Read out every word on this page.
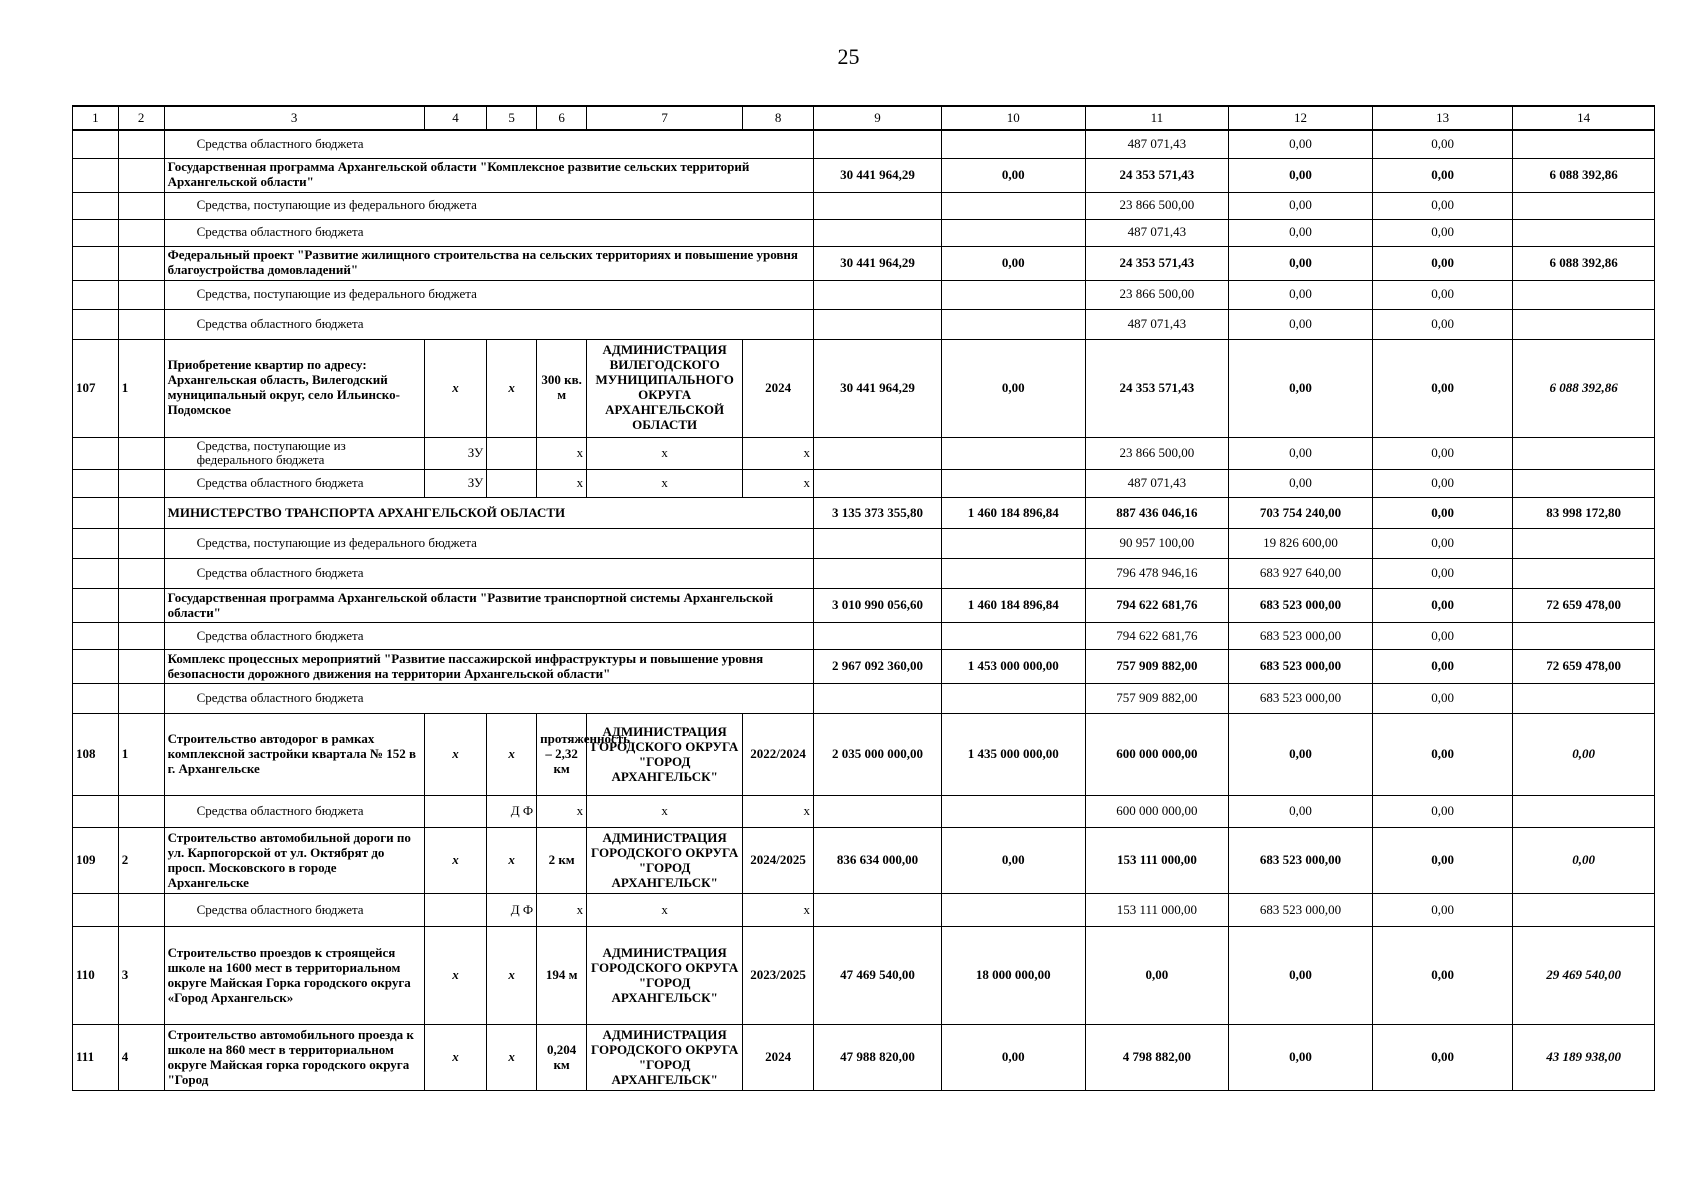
25
1	2	3	4	5	6	7	8	9	10	11	12	13	14
		Средства областного бюджета								487 071,43	0,00	0,00	
		Государственная программа Архангельской области "Комплексное развитие сельских территорий Архангельской области"						30 441 964,29	0,00	24 353 571,43	0,00	0,00	6 088 392,86
		Средства, поступающие из федерального бюджета								23 866 500,00	0,00	0,00	
		Средства областного бюджета								487 071,43	0,00	0,00	
		Федеральный проект "Развитие жилищного строительства на сельских территориях и повышение уровня благоустройства домовладений"						30 441 964,29	0,00	24 353 571,43	0,00	0,00	6 088 392,86
		Средства, поступающие из федерального бюджета								23 866 500,00	0,00	0,00	
		Средства областного бюджета								487 071,43	0,00	0,00	
107	1	Приобретение квартир по адресу: Архангельская область, Вилегодский муниципальный округ, село Ильинско-Подомское	x	x	300 кв. м	АДМИНИСТРАЦИЯ ВИЛЕГОДСКОГО МУНИЦИПАЛЬНОГО ОКРУГА АРХАНГЕЛЬСКОЙ ОБЛАСТИ	2024	30 441 964,29	0,00	24 353 571,43	0,00	0,00	6 088 392,86
		Средства, поступающие из федерального бюджета	ЗУ		x	x	x			23 866 500,00	0,00	0,00	
		Средства областного бюджета	ЗУ		x	x	x			487 071,43	0,00	0,00	
		МИНИСТЕРСТВО ТРАНСПОРТА АРХАНГЕЛЬСКОЙ ОБЛАСТИ						3 135 373 355,80	1 460 184 896,84	887 436 046,16	703 754 240,00	0,00	83 998 172,80
		Средства, поступающие из федерального бюджета								90 957 100,00	19 826 600,00	0,00	
		Средства областного бюджета								796 478 946,16	683 927 640,00	0,00	
		Государственная программа Архангельской области "Развитие транспортной системы Архангельской области"						3 010 990 056,60	1 460 184 896,84	794 622 681,76	683 523 000,00	0,00	72 659 478,00
		Средства областного бюджета								794 622 681,76	683 523 000,00	0,00	
		Комплекс процессных мероприятий "Развитие пассажирской инфраструктуры и повышение уровня безопасности дорожного движения на территории Архангельской области"						2 967 092 360,00	1 453 000 000,00	757 909 882,00	683 523 000,00	0,00	72 659 478,00
		Средства областного бюджета								757 909 882,00	683 523 000,00	0,00	
108	1	Строительство автодорог в рамках комплексной застройки квартала № 152 в г. Архангельске	x	x	протяженность – 2,32 км	АДМИНИСТРАЦИЯ ГОРОДСКОГО ОКРУГА "ГОРОД АРХАНГЕЛЬСК"	2022/2024	2 035 000 000,00	1 435 000 000,00	600 000 000,00	0,00	0,00	0,00
		Средства областного бюджета		Д Ф	x	x	x			600 000 000,00	0,00	0,00	
109	2	Строительство автомобильной дороги по ул. Карпогорской от ул. Октябрят до просп. Московского в городе Архангельске	x	x	2 км	АДМИНИСТРАЦИЯ ГОРОДСКОГО ОКРУГА "ГОРОД АРХАНГЕЛЬСК"	2024/2025	836 634 000,00	0,00	153 111 000,00	683 523 000,00	0,00	0,00
		Средства областного бюджета		Д Ф	x	x	x			153 111 000,00	683 523 000,00	0,00	
110	3	Строительство проездов к строящейся школе на 1600 мест в территориальном округе Майская Горка городского округа «Город Архангельск»	x	x	194 м	АДМИНИСТРАЦИЯ ГОРОДСКОГО ОКРУГА "ГОРОД АРХАНГЕЛЬСК"	2023/2025	47 469 540,00	18 000 000,00	0,00	0,00	0,00	29 469 540,00
111	4	Строительство автомобильного проезда к школе на 860 мест в территориальном округе Майская горка городского округа "Город	x	x	0,204 км	АДМИНИСТРАЦИЯ ГОРОДСКОГО ОКРУГА "ГОРОД АРХАНГЕЛЬСК"	2024	47 988 820,00	0,00	4 798 882,00	0,00	0,00	43 189 938,00
